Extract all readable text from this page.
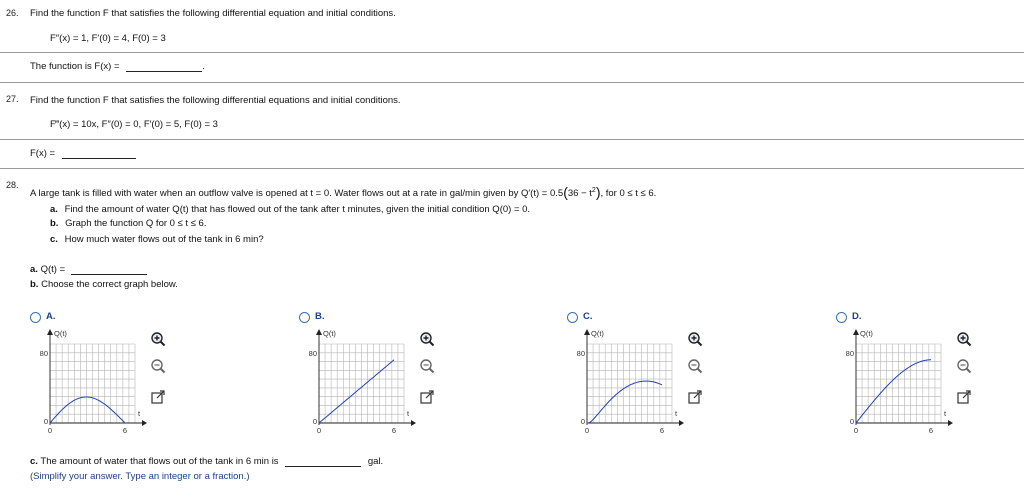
26. Find the function F that satisfies the following differential equation and initial conditions.
F″(x) = 1, F′(0) = 4, F(0) = 3
The function is F(x) =	.
27. Find the function F that satisfies the following differential equations and initial conditions.
F‴(x) = 10x, F″(0) = 0, F′(0) = 5, F(0) = 3
F(x) =
28.
A large tank is filled with water when an outflow valve is opened at t = 0. Water flows out at a rate in gal/min given by $Q'(t) = 0.5(36 - t^2)$, for 0 ≤ t ≤ 6.
a. Find the amount of water Q(t) that has flowed out of the tank after t minutes, given the initial condition Q(0) = 0.
b. Graph the function Q for 0 ≤ t ≤ 6.
c. How much water flows out of the tank in 6 min?
a. Q(t) =
b. Choose the correct graph below.
A.
Q(t)
80
0
0	6
t
B.
Q(t)
80
0
0	6
t
C.
Q(t)
80
0
0	6
t
D.
Q(t)
80
0
0	6
t
c. The amount of water that flows out of the tank in 6 min is	gal.
(Simplify your answer. Type an integer or a fraction.)
